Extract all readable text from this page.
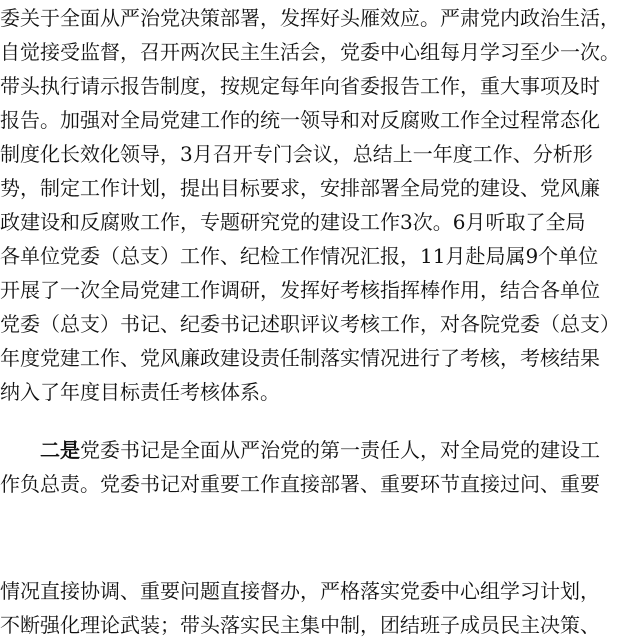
委关于全面从严治党决策部署，发挥好头雁效应。严肃党内政治生活，
自觉接受监督，召开两次民主生活会，党委中心组每月学习至少一次。
带头执行请示报告制度，按规定每年向省委报告工作，重大事项及时
报告。加强对全局党建工作的统一领导和对反腐败工作全过程常态化
制度化长效化领导，3月召开专门会议，总结上一年度工作、分析形
势，制定工作计划，提出目标要求，安排部署全局党的建设、党风廉
政建设和反腐败工作，专题研究党的建设工作3次。6月听取了全局
各单位党委（总支）工作、纪检工作情况汇报，11月赴局属9个单位
开展了一次全局党建工作调研，发挥好考核指挥棒作用，结合各单位
党委（总支）书记、纪委书记述职评议考核工作，对各院党委（总支）
年度党建工作、党风廉政建设责任制落实情况进行了考核，考核结果
纳入了年度目标责任考核体系。
二是党委书记是全面从严治党的第一责任人，对全局党的建设工
作负总责。党委书记对重要工作直接部署、重要环节直接过问、重要
情况直接协调、重要问题直接督办，严格落实党委中心组学习计划，
不断强化理论武装；带头落实民主集中制，团结班子成员民主决策、
